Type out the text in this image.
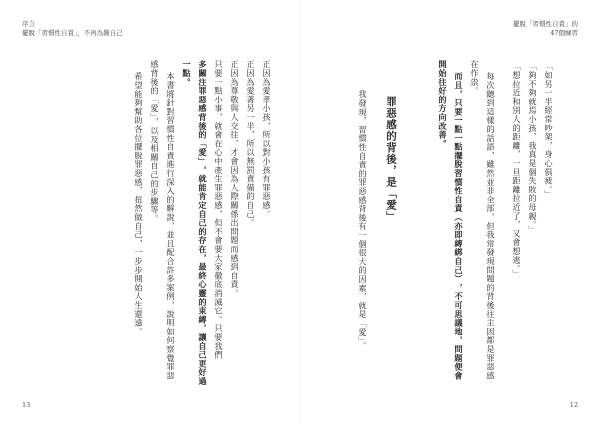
序言
擺脫「習慣性自責」，不再為難自己
正因為愛孝小孩，所以對小孩有罪惡感。
正因為愛著另一半，所以無罰責備的自己。
正因為尊敬與人交往，才會因為人際關係出問題而感到自責。
只要一點小事，就會在心中產生罪惡感，但不會要大家徹底消滅它。只要我們
多關注罪惡感背後的「愛」，就能肯定自己的存在，最終心靈的束縛，讓自己更好過
一點。
本書將針對習慣性自責進行深入的解說，並且配合許多案例，說明如何察覺罪惡
感背後的「愛」，以及相關自己的步驟等。
希望能夠幫助各位擺脫罪惡感，扭然做自己，一步步開始人生還遠。
13
擺脫「習慣性自責」的
47個練習
「如另一半經常吵架，身心俱疲。」
「夠不夠就焉小孩，我真是個失敗的母親。」
「想拉近和別人的距離，一旦距離拉近了，又會想逃。」
每次聽到這樣的話語，雖然並非全部，但我常發現問題的背後往主因都是罪惡感
在作祟。
而且，只要一點一點擺脫習慣性自責（亦即縛綁自己），不可思議地，問題便會
開始往好的方向改善。
罪惡感的背後，是「愛」
我發現，習慣性自責的罪惡感背後有一個很大的因素，就是「愛」。
12
